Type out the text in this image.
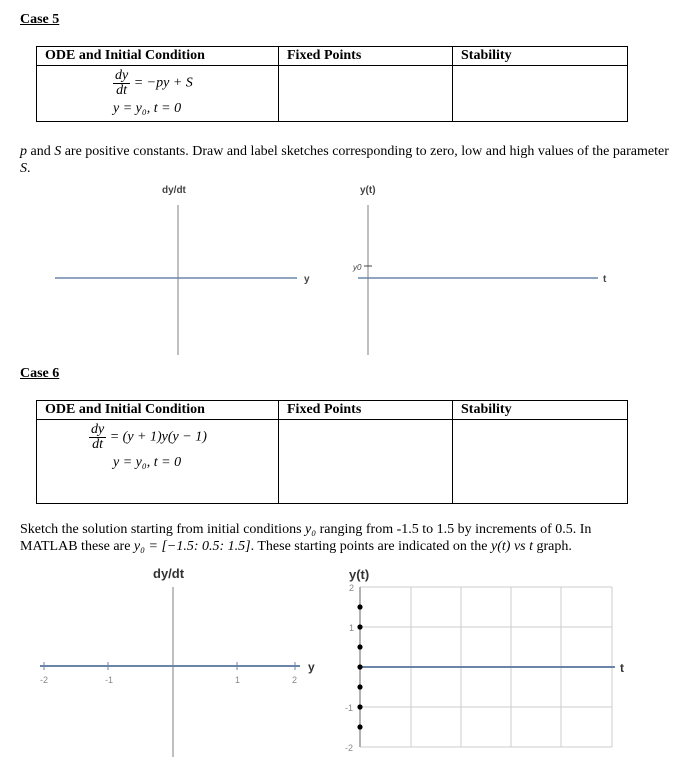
Case 5
ODE and Initial Condition	Fixed Points	Stability

$\frac{dy}{dt} = -py + S$
y = y₀, t = 0		

p and S are positive constants. Draw and label sketches corresponding to zero, low and high values of the parameter S.
dy/dt
y
y(t)
y0
t
Case 6
ODE and Initial Condition	Fixed Points	Stability

$\frac{dy}{dt} = (y + 1)y(y - 1)$
y = y₀, t = 0		

Sketch the solution starting from initial conditions y₀ ranging from -1.5 to 1.5 by increments of 0.5. In
MATLAB these are y₀ = [−1.5: 0.5: 1.5]. These starting points are indicated on the y(t) vs t graph.
dy/dt
y
-2	-1	1	2
y(t)
t
2
1
-1
-2
